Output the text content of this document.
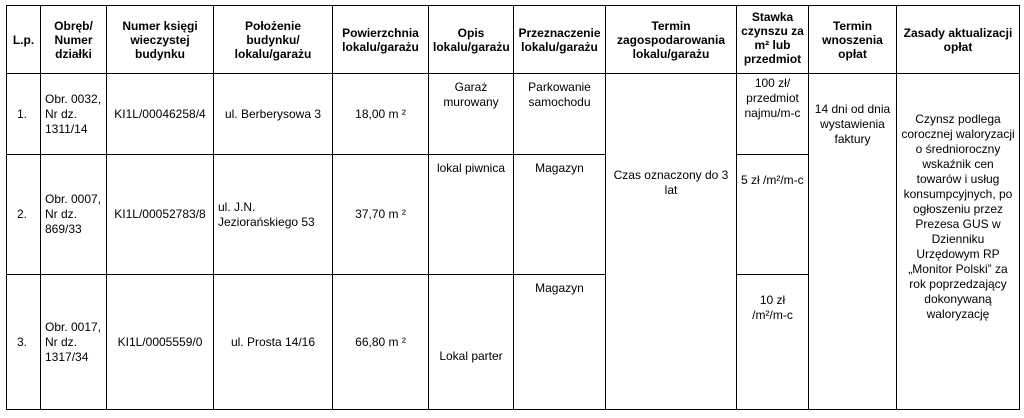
L.p.	Obręb/ Numer działki	Numer księgi wieczystej budynku	Położenie budynku/ lokalu/garażu	Powierzchnia lokalu/garażu	Opis lokalu/garażu	Przeznaczenie lokalu/garażu	Termin zagospodarowania lokalu/garażu	Stawka czynszu za m² lub przedmiot	Termin wnoszenia opłat	Zasady aktualizacji opłat
1.	Obr. 0032, Nr dz. 1311/14	KI1L/00046258/4	ul. Berberysowa 3	18,00 m ²	Garaż murowany	Parkowanie samochodu	Czas oznaczony do 3 lat	100 zł/ przedmiot najmu/m-c	14 dni od dnia wystawienia faktury	Czynsz podlega corocznej waloryzacji o średnioroczny wskaźnik cen towarów i usług konsumpcyjnych, po ogłoszeniu przez Prezesa GUS w Dzienniku Urzędowym RP „Monitor Polski” za rok poprzedzający dokonywaną waloryzację

2.	Obr. 0007, Nr dz. 869/33	KI1L/00052783/8	ul. J.N. Jeziorańskiego 53	37,70 m ²	lokal piwnica	Magazyn		5 zł /m²/m-c		
3.	Obr. 0017, Nr dz. 1317/34	KI1L/0005559/0	ul. Prosta 14/16	66,80 m ²	Lokal parter	Magazyn		10 zł /m²/m-c		
